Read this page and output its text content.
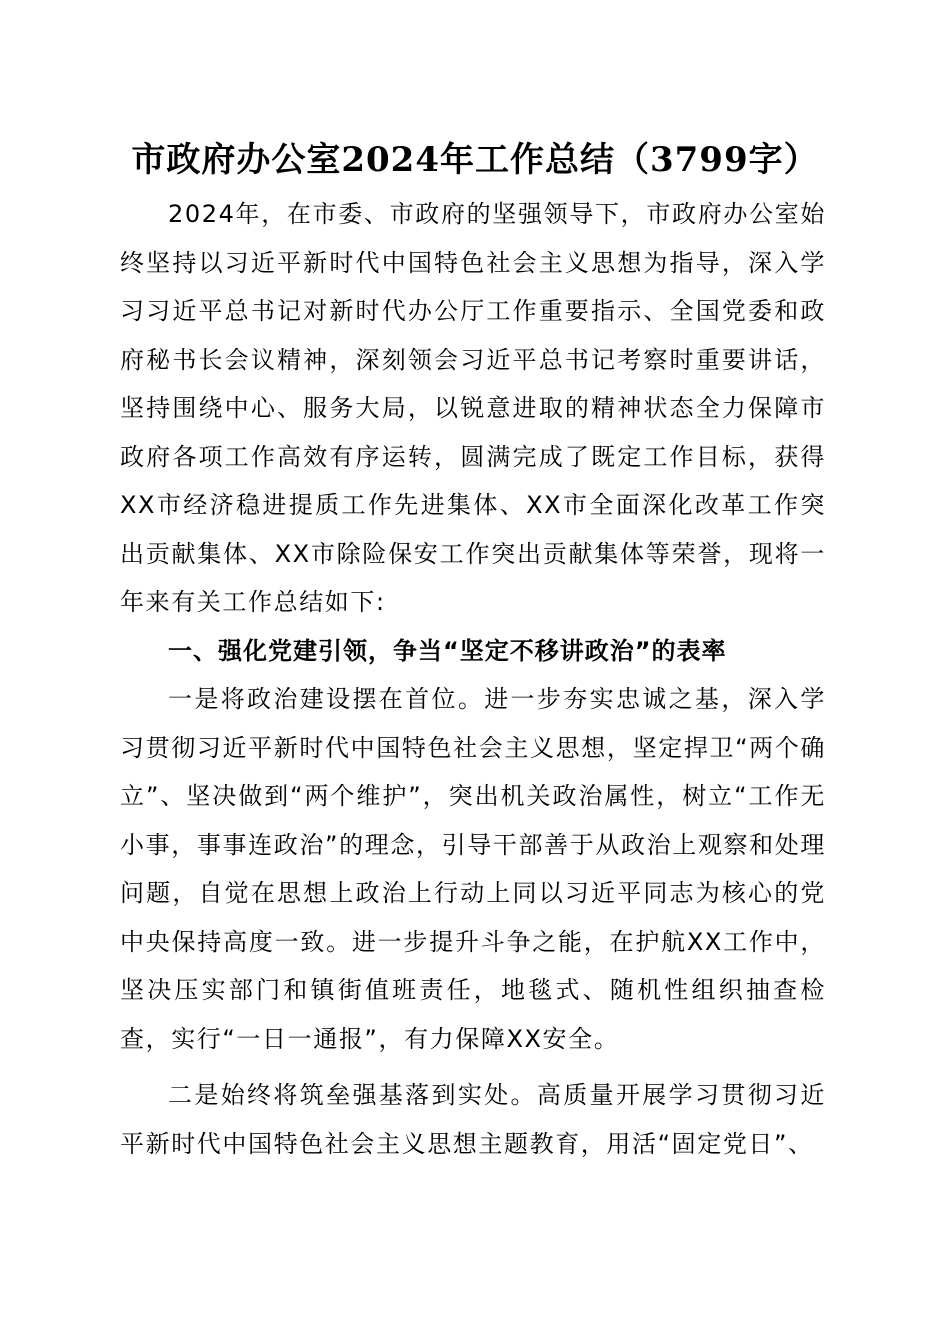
市政府办公室2024年工作总结（3799字）

2024年，在市委、市政府的坚强领导下，市政府办公室始终坚持以习近平新时代中国特色社会主义思想为指导，深入学习习近平总书记对新时代办公厅工作重要指示、全国党委和政府秘书长会议精神，深刻领会习近平总书记考察时重要讲话，坚持围绕中心、服务大局，以锐意进取的精神状态全力保障市政府各项工作高效有序运转，圆满完成了既定工作目标，获得XX市经济稳进提质工作先进集体、XX市全面深化改革工作突出贡献集体、XX市除险保安工作突出贡献集体等荣誉，现将一年来有关工作总结如下:

一、强化党建引领，争当“坚定不移讲政治”的表率

一是将政治建设摆在首位。进一步夯实忠诚之基，深入学习贯彻习近平新时代中国特色社会主义思想，坚定捍卫“两个确立”、坚决做到“两个维护”，突出机关政治属性，树立“工作无小事，事事连政治”的理念，引导干部善于从政治上观察和处理问题，自觉在思想上政治上行动上同以习近平同志为核心的党中央保持高度一致。进一步提升斗争之能，在护航XX工作中，坚决压实部门和镇街值班责任，地毯式、随机性组织抽查检查，实行“一日一通报”，有力保障XX安全。

二是始终将筑垒强基落到实处。高质量开展学习贯彻习近平新时代中国特色社会主义思想主题教育，用活“固定党日”、
